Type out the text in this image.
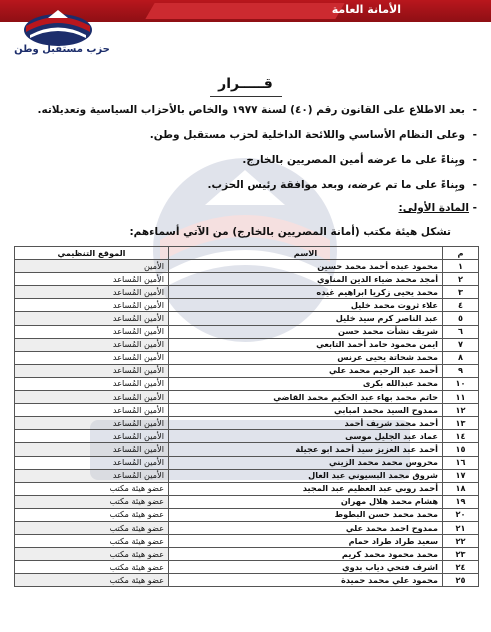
الأمانة العامة
حزب مستقبل وطن
قـــــرار
-بعد الاطلاع على القانون رقم (٤٠) لسنة ١٩٧٧ والخاص بالأحزاب السياسية وتعديلاته.
-وعلى النظام الأساسي واللائحة الداخلية لحزب مستقبل وطن.
-وبِناءً على ما عرضه أمين المصريين بالخارج.
-وبِناءً على ما تم عرضه، وبعد موافقة رئيس الحزب.
- المادة الأولى:
تشكل هيئة مكتب (أمانة المصريين بالخارج) من الآتي أسماءهم:
م	الاسم	الموقع التنظيمي
١	محمود عبده أحمد محمد حسين	الأمين
٢	أمجد محمد ضياء الدين المناوي	الأمين المُساعد
٣	محمد يحيى زكريا ابراهيم غيده	الأمين المُساعد
٤	علاء ثروت محمد خليل	الأمين المُساعد
٥	عبد الناصر كرم سيد خليل	الأمين المُساعد
٦	شريف نشأت محمد حسن	الأمين المُساعد
٧	ايمن محمود حامد أحمد التابعي	الأمين المُساعد
٨	محمد شحاتة يحيى عرنس	الأمين المُساعد
٩	أحمد عبد الرحيم محمد علي	الأمين المُساعد
١٠	محمد عبدالله بكرى	الأمين المُساعد
١١	حاتم محمد بهاء عبد الحكيم محمد القاضي	الأمين المُساعد
١٢	ممدوح السيد محمد امبابي	الأمين المُساعد
١٣	أحمد محمد شريف أحمد	الأمين المُساعد
١٤	عماد عبد الجليل موسى	الأمين المُساعد
١٥	أحمد عبد العزيز سيد أحمد ابو عجيلة	الأمين المُساعد
١٦	محروس محمد محمد الزيني	الأمين المُساعد
١٧	شروق محمد البسيوني عبد العال	الأمين المُساعد
١٨	أحمد روبي عبد العظيم عبد المجيد	عضو هيئة مكتب
١٩	هشام محمد هلال مهران	عضو هيئة مكتب
٢٠	محمد محمد حسن البطوط	عضو هيئة مكتب
٢١	ممدوح احمد محمد علي	عضو هيئة مكتب
٢٢	سعيد طراد طراد حمام	عضو هيئة مكتب
٢٣	محمد محمود محمد كريم	عضو هيئة مكتب
٢٤	اشرف فتحي دياب بدوي	عضو هيئة مكتب
٢٥	محمود علي محمد حميدة	عضو هيئة مكتب
